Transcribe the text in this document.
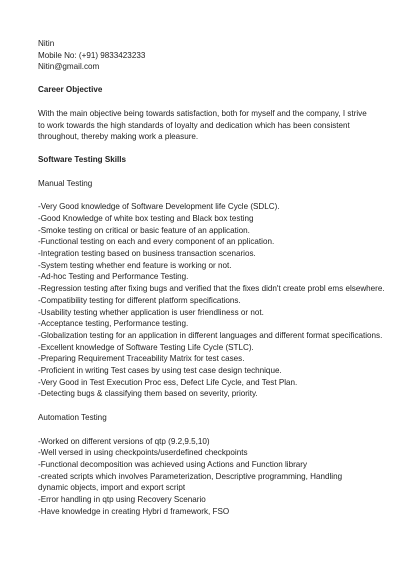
Nitin
Mobile No: (+91) 9833423233
Nitin@gmail.com
Career Objective
With the main objective being towards satisfaction, both for myself and the company, I strive to work towards the high standards of loyalty and dedication which has been consistent throughout, thereby making work a pleasure.
Software Testing Skills
Manual Testing
-Very Good knowledge of Software Development life Cycle (SDLC).
-Good Knowledge of white box testing and Black box testing
-Smoke testing on critical or basic feature of an application.
-Functional testing on each and every component of an pplication.
-Integration testing based on business transaction scenarios.
-System testing whether end feature is working or not.
-Ad-hoc Testing and Performance Testing.
-Regression testing after fixing bugs and verified that the fixes didn't create probl ems elsewhere.
-Compatibility testing for different platform specifications.
-Usability testing whether application is user friendliness or not.
-Acceptance testing, Performance testing.
-Globalization testing for an application in different languages and different format specifications.
-Excellent knowledge of Software Testing Life Cycle (STLC).
-Preparing Requirement Traceability Matrix for test cases.
-Proficient in writing Test cases by using test case design technique.
-Very Good in Test Execution Proc ess, Defect Life Cycle, and Test Plan.
-Detecting bugs & classifying them based on severity, priority.
Automation Testing
-Worked on different versions of qtp (9.2,9.5,10)
-Well versed in using checkpoints/userdefined checkpoints
-Functional decomposition was achieved using Actions and Function library
-created scripts which involves Parameterization, Descriptive programming, Handling dynamic objects, import and export script
-Error handling in qtp using Recovery Scenario
-Have knowledge in creating Hybri d framework, FSO
